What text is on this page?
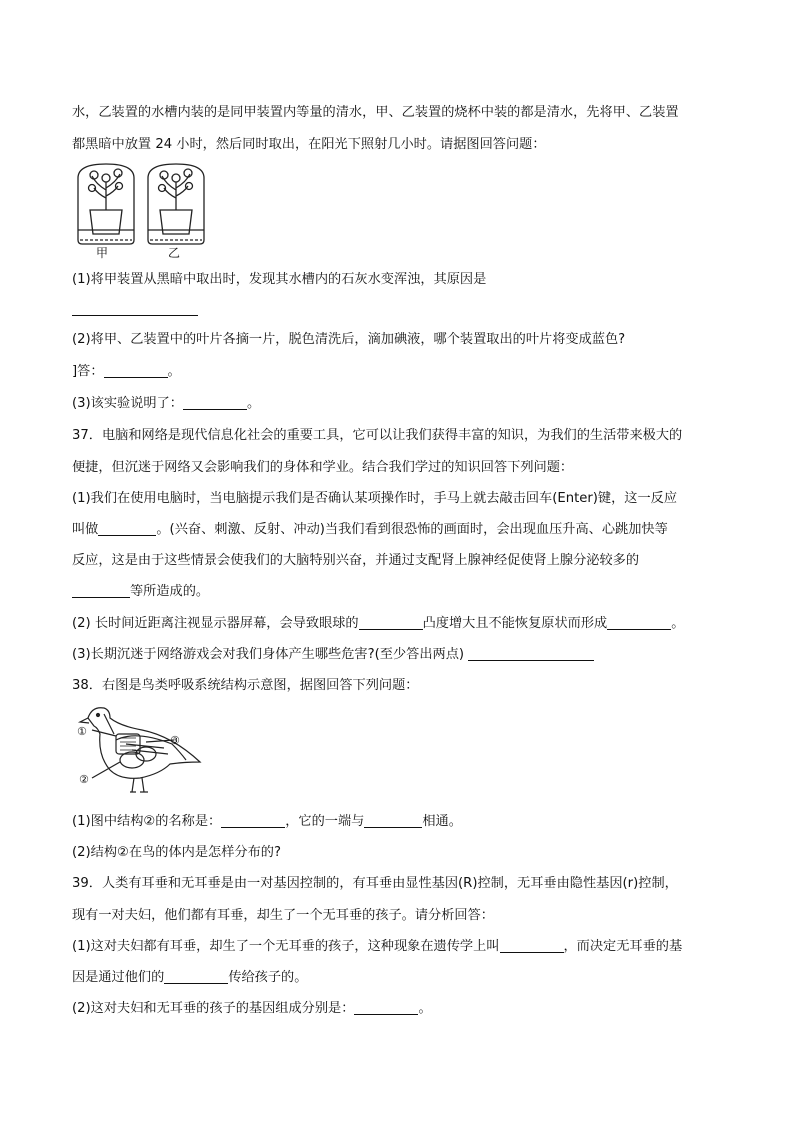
水，乙装置的水槽内装的是同甲装置内等量的清水，甲、乙装置的烧杯中装的都是清水，先将甲、乙装置
都黑暗中放置 24 小时，然后同时取出，在阳光下照射几小时。请据图回答问题：
甲	乙
(1)将甲装置从黑暗中取出时，发现其水槽内的石灰水变浑浊，其原因是
(2)将甲、乙装置中的叶片各摘一片，脱色清洗后，滴加碘液，哪个装置取出的叶片将变成蓝色?
]答：	。
(3)该实验说明了：	。
37．电脑和网络是现代信息化社会的重要工具，它可以让我们获得丰富的知识，为我们的生活带来极大的
便捷，但沉迷于网络又会影响我们的身体和学业。结合我们学过的知识回答下列问题：
(1)我们在使用电脑时，当电脑提示我们是否确认某项操作时，手马上就去敲击回车(Enter)键，这一反应
叫做	。(兴奋、刺激、反射、冲动)当我们看到很恐怖的画面时，会出现血压升高、心跳加快等
反应，这是由于这些情景会使我们的大脑特别兴奋，并通过支配肾上腺神经促使肾上腺分泌较多的
等所造成的。
(2) 长时间近距离注视显示器屏幕，会导致眼球的	凸度增大且不能恢复原状而形成	。
(3)长期沉迷于网络游戏会对我们身体产生哪些危害?(至少答出两点)
38．右图是鸟类呼吸系统结构示意图，据图回答下列问题：
①
②
③
(1)图中结构②的名称是：	，它的一端与	相通。
(2)结构②在鸟的体内是怎样分布的?
39．人类有耳垂和无耳垂是由一对基因控制的，有耳垂由显性基因(R)控制，无耳垂由隐性基因(r)控制，
现有一对夫妇，他们都有耳垂，却生了一个无耳垂的孩子。请分析回答：
(1)这对夫妇都有耳垂，却生了一个无耳垂的孩子，这种现象在遗传学上叫	，而决定无耳垂的基
因是通过他们的	传给孩子的。
(2)这对夫妇和无耳垂的孩子的基因组成分别是：	。
